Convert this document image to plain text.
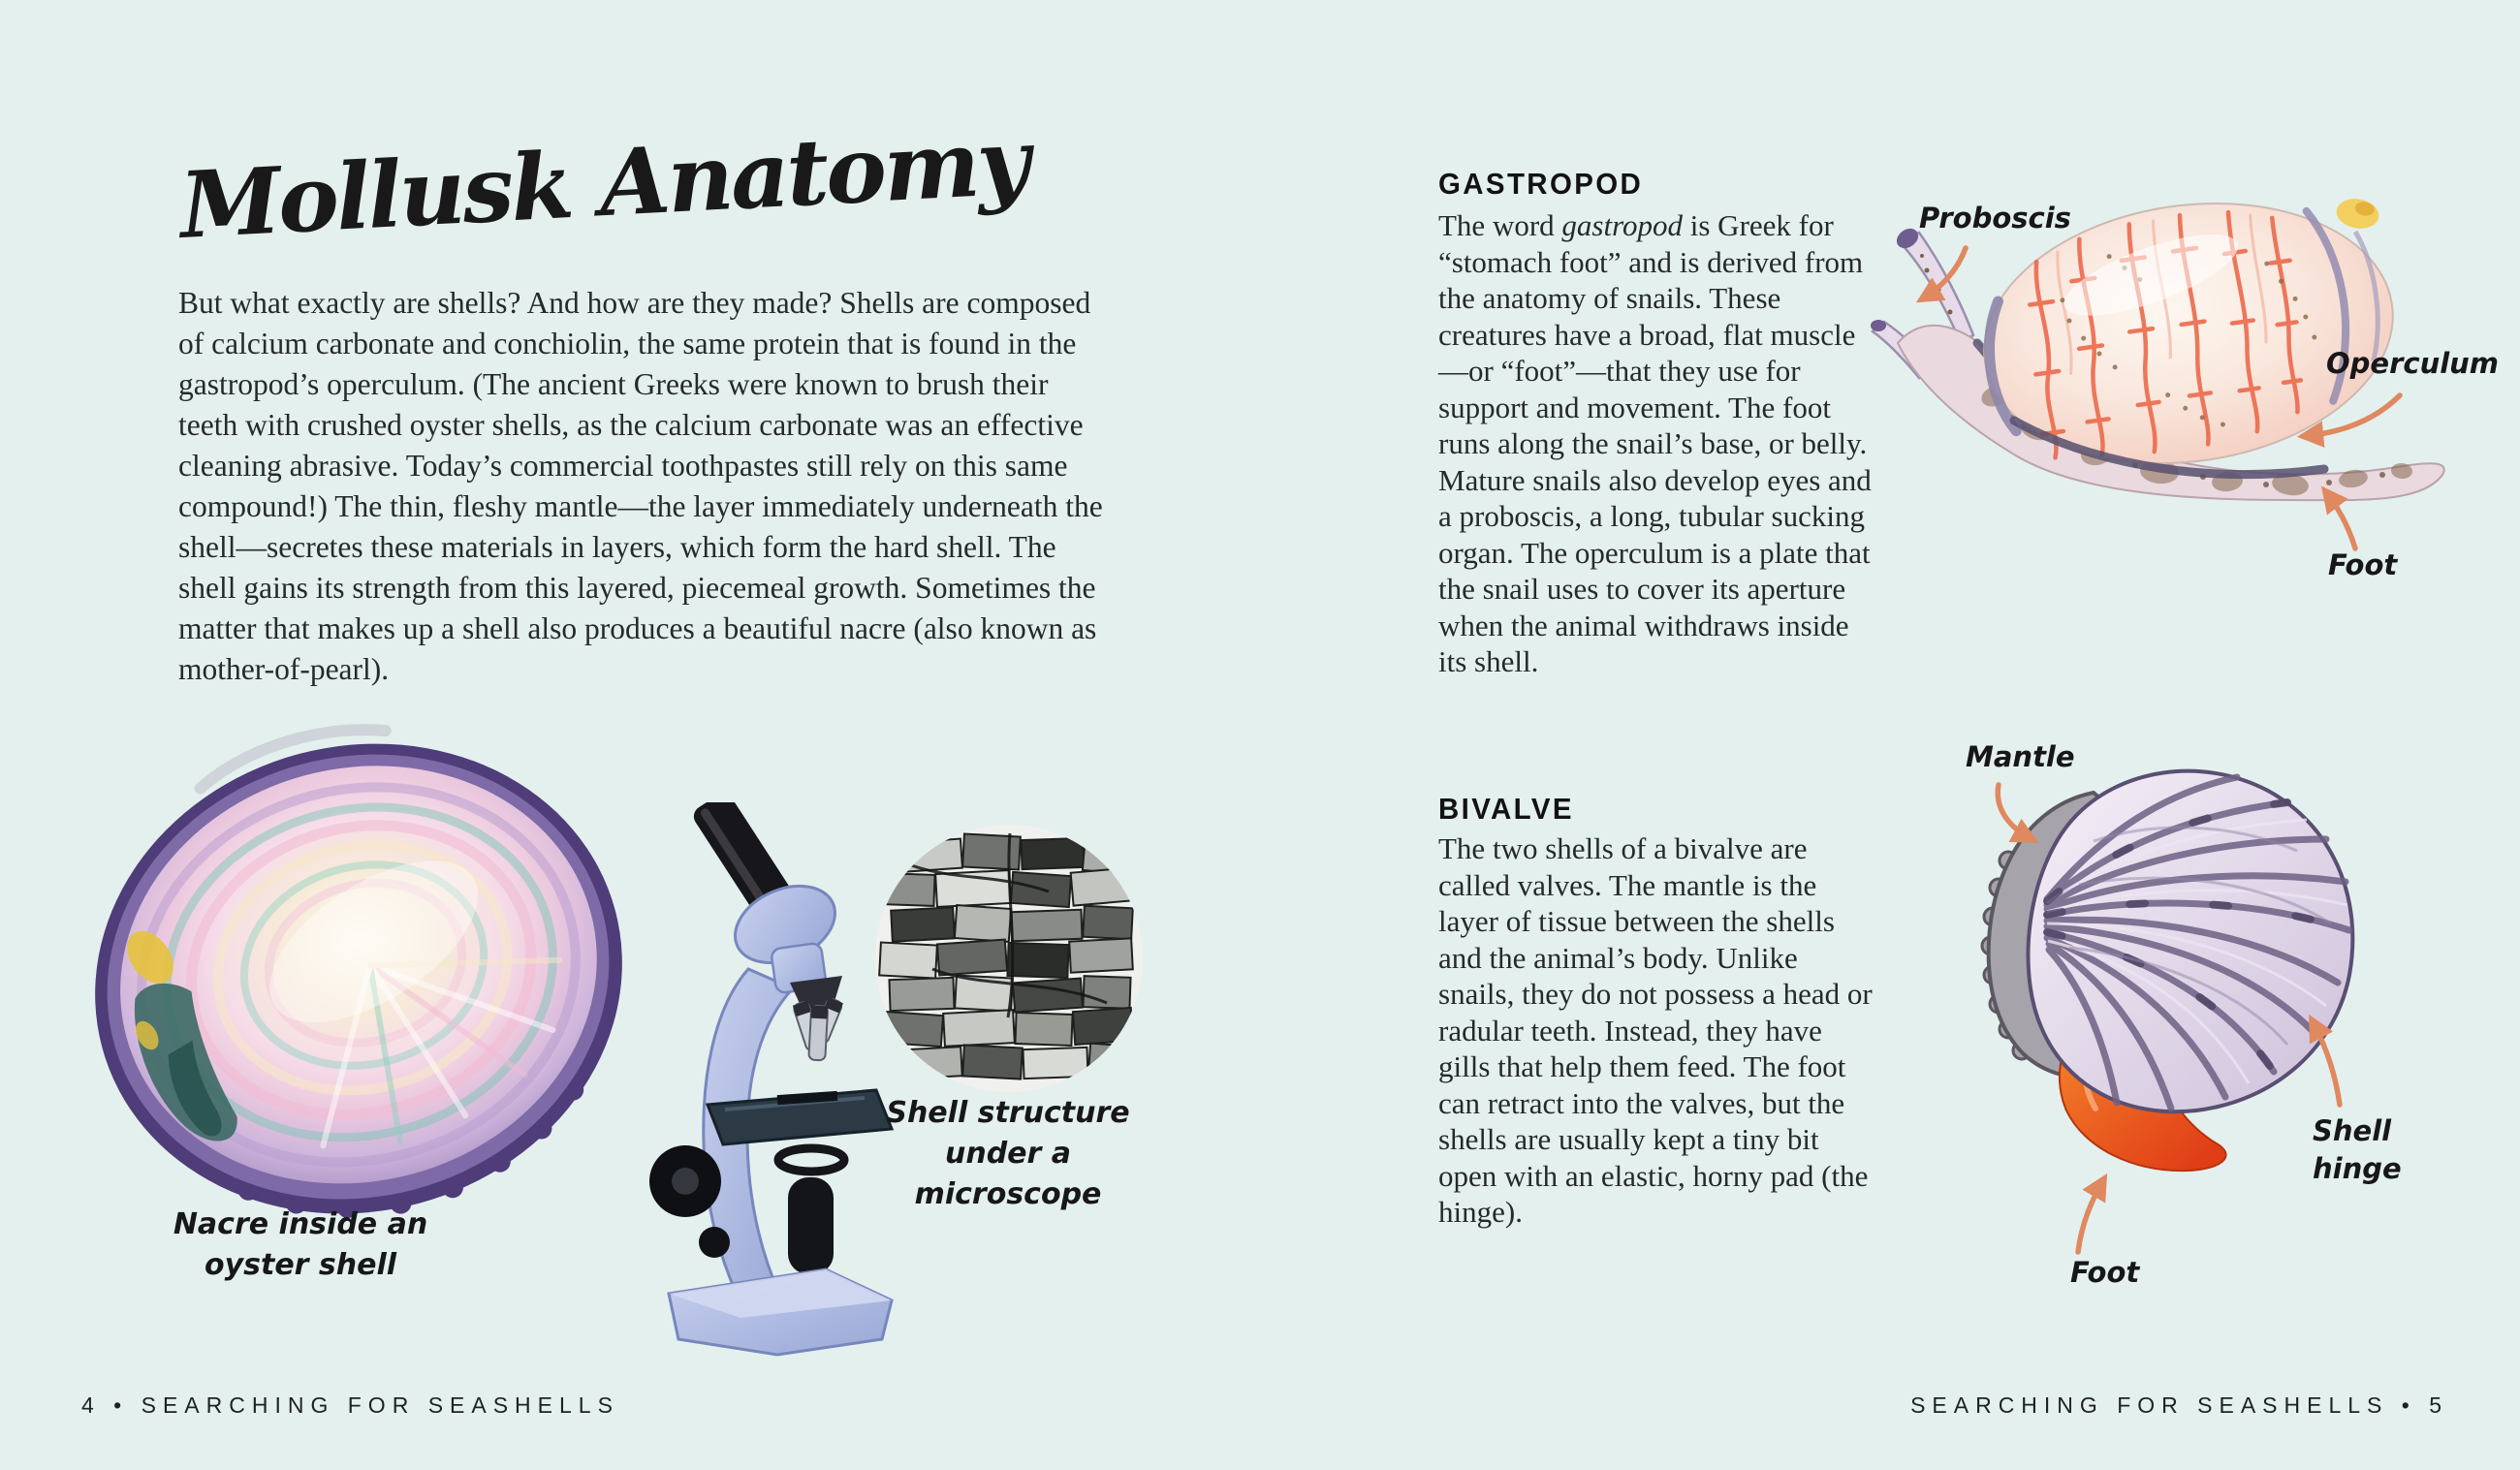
Mollusk Anatomy
But what exactly are shells? And how are they made? Shells are composed of calcium carbonate and conchiolin, the same protein that is found in the gastropod’s operculum. (The ancient Greeks were known to brush their teeth with crushed oyster shells, as the calcium carbonate was an effective cleaning abrasive. Today’s commercial toothpastes still rely on this same compound!) The thin, fleshy mantle—the layer immediately underneath the shell—secretes these materials in layers, which form the hard shell. The shell gains its strength from this layered, piecemeal growth. Sometimes the matter that makes up a shell also produces a beautiful nacre (also known as mother-of-pearl).
Nacre inside an
oyster shell
Shell structure
under a microscope
4 • SEARCHING FOR SEASHELLS
GASTROPOD
The word gastropod is Greek for “stomach foot” and is derived from the anatomy of snails. These creatures have a broad, flat muscle—or “foot”—that they use for support and movement. The foot runs along the snail’s base, or belly. Mature snails also develop eyes and a proboscis, a long, tubular sucking organ. The operculum is a plate that the snail uses to cover its aperture when the animal withdraws inside its shell.
BIVALVE
The two shells of a bivalve are called valves. The mantle is the layer of tissue between the shells and the animal’s body. Unlike snails, they do not possess a head or radular teeth. Instead, they have gills that help them feed. The foot can retract into the valves, but the shells are usually kept a tiny bit open with an elastic, horny pad (the hinge).
SEARCHING FOR SEASHELLS • 5
Proboscis
Operculum
Foot
Mantle
Shell
hinge
Foot
